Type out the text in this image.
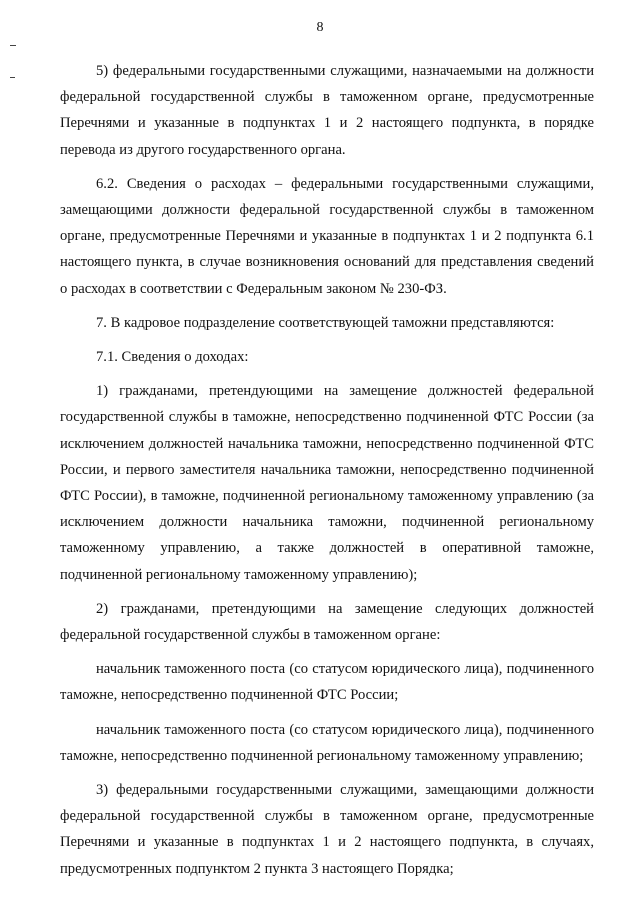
8

5) федеральными государственными служащими, назначаемыми на должности федеральной государственной службы в таможенном органе, предусмотренные Перечнями и указанные в подпунктах 1 и 2 настоящего подпункта, в порядке перевода из другого государственного органа.

6.2. Сведения о расходах – федеральными государственными служащими, замещающими должности федеральной государственной службы в таможенном органе, предусмотренные Перечнями и указанные в подпунктах 1 и 2 подпункта 6.1 настоящего пункта, в случае возникновения оснований для представления сведений о расходах в соответствии с Федеральным законом № 230-ФЗ.

7. В кадровое подразделение соответствующей таможни представляются:

7.1. Сведения о доходах:

1) гражданами, претендующими на замещение должностей федеральной государственной службы в таможне, непосредственно подчиненной ФТС России (за исключением должностей начальника таможни, непосредственно подчиненной ФТС России, и первого заместителя начальника таможни, непосредственно подчиненной ФТС России), в таможне, подчиненной региональному таможенному управлению (за исключением должности начальника таможни, подчиненной региональному таможенному управлению, а также должностей в оперативной таможне, подчиненной региональному таможенному управлению);

2) гражданами, претендующими на замещение следующих должностей федеральной государственной службы в таможенном органе:

начальник таможенного поста (со статусом юридического лица), подчиненного таможне, непосредственно подчиненной ФТС России;

начальник таможенного поста (со статусом юридического лица), подчиненного таможне, непосредственно подчиненной региональному таможенному управлению;

3) федеральными государственными служащими, замещающими должности федеральной государственной службы в таможенном органе, предусмотренные Перечнями и указанные в подпунктах 1 и 2 настоящего подпункта, в случаях, предусмотренных подпунктом 2 пункта 3 настоящего Порядка;
